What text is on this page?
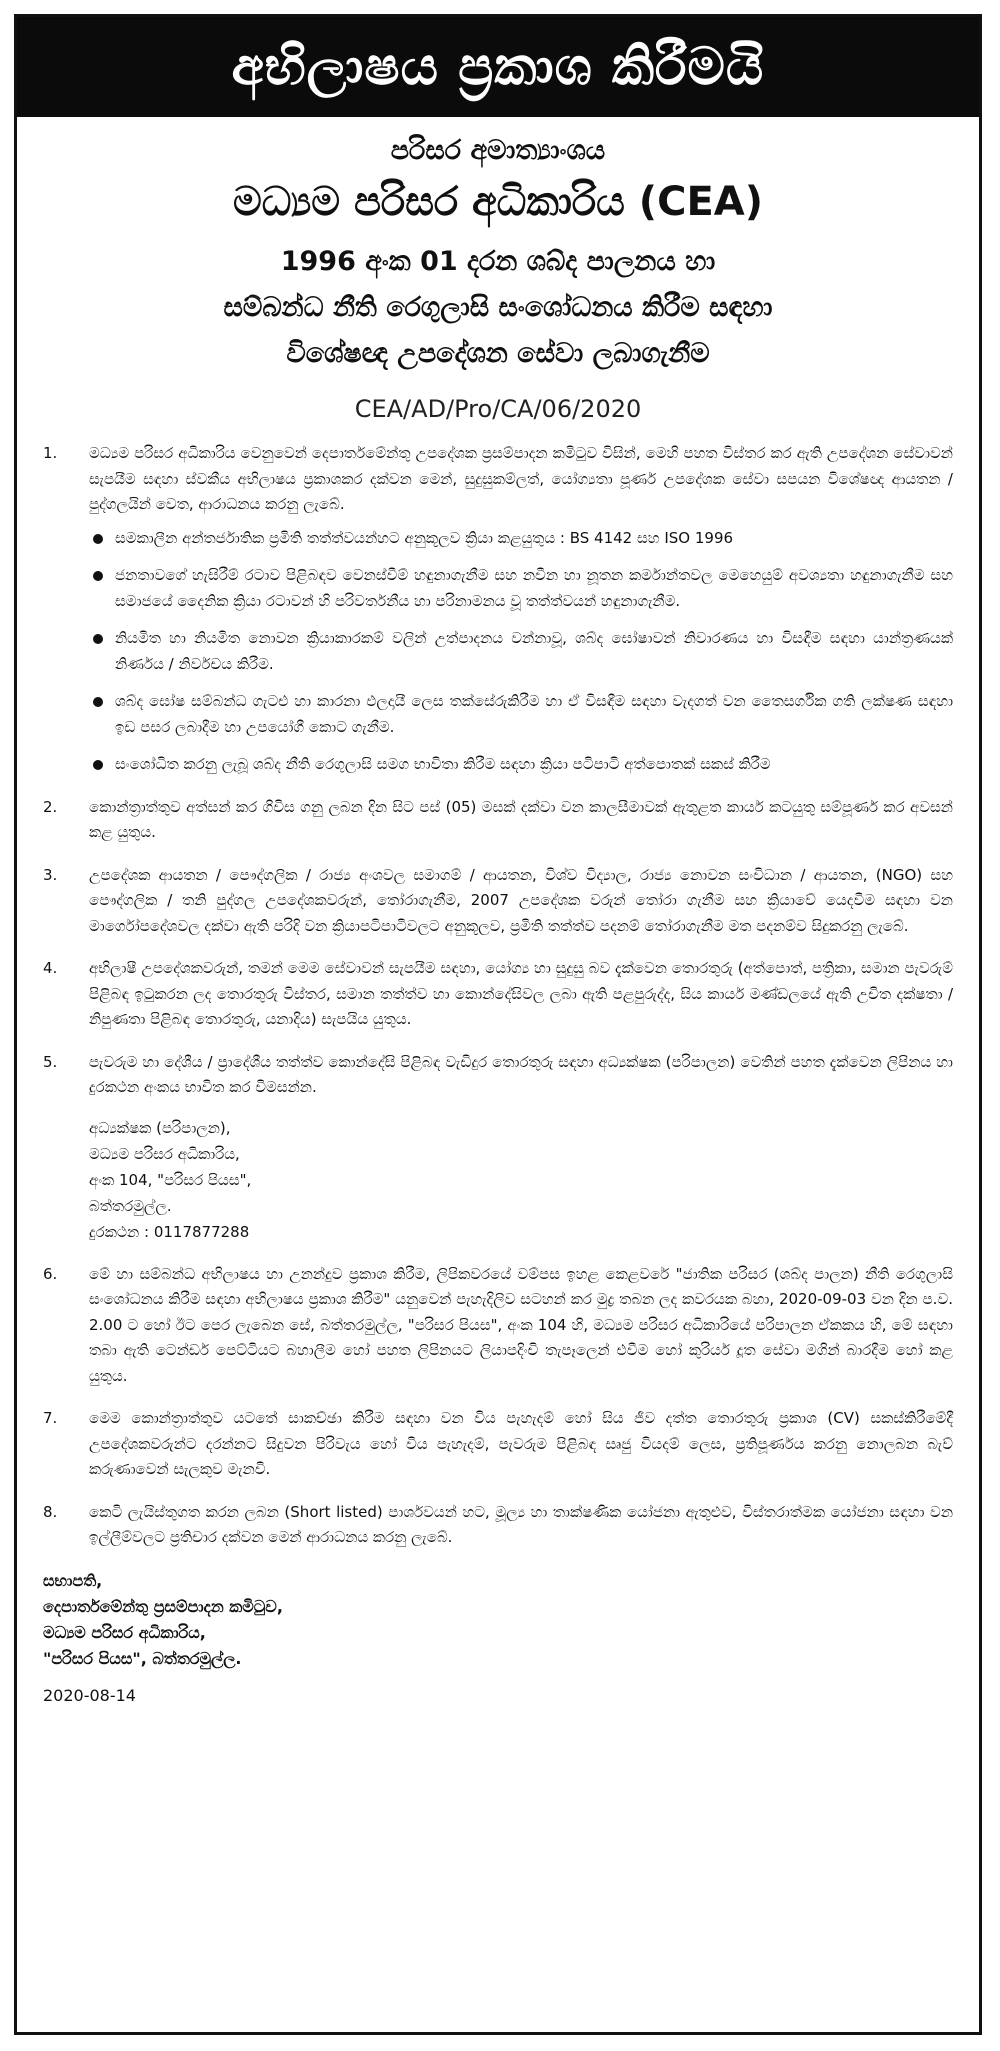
අභිලාෂය ප්‍රකාශ කිරීමයි
පරිසර අමාත්‍යාංශය
මධ්‍යම පරිසර අධිකාරිය (CEA)
1996 අංක 01 දරන ශබ්ද පාලනය හා
සම්බන්ධ නීති රෙගුලාසි සංශෝධනය කිරීම සඳහා
විශේෂඥ උපදේශන සේවා ලබාගැනීම
CEA/AD/Pro/CA/06/2020
1. මධ්‍යම පරිසර අධිකාරිය වෙනුවෙන් දෙපාර්තමේන්තු උපදේශක ප්‍රසම්පාදන කමිටුව විසින්, මෙහි පහත විස්තර කර ඇති උපදේශන සේවාවන් සැපයීම සඳහා ස්වකීය අභිලාෂය ප්‍රකාශකර දක්වන මෙන්, සුදුසුකම්ලත්, යෝග්‍යතා පූර්ණ උපදේශක සේවා සපයන විශේෂඥ ආයතන / පුද්ගලයින් වෙත, ආරාධනය කරනු ලැබේ.
සමකාලීන අන්තර්ජාතික ප්‍රමිති තත්ත්වයන්හට අනුකූලව ක්‍රියා කළයුතුය : BS 4142 සහ ISO 1996
ජනතාවගේ හැසිරීම් රටාව පිළිබඳව වෙනස්වීම් හඳුනාගැනීම සහ නවීන හා නූතන කර්මාන්තවල මෙහෙයුම් අවශ්‍යතා හඳුනාගැනීම සහ සමාජයේ දෛනික ක්‍රියා රටාවන් හි පරිවර්තනීය හා පරිනාමනය වූ තත්ත්වයන් හඳුනාගැනීම.
නියමිත හා නියමිත නොවන ක්‍රියාකාරකම් වලින් උත්පාදනය වන්නාවූ, ශබ්ද ඝෝෂාවන් නිවාරණය හා විසඳීම සඳහා යාන්ත්‍රණයක් නිර්ණය / නිර්වචය කිරීම.
ශබ්ද ඝෝෂ සම්බන්ධ ගැටළු හා කාරනා ඵලදායී ලෙස තක්සේරුකිරීම හා ඒ විසඳීම සඳහා වැදගත් වන තෛසර්ගික ගති ලක්ෂණ සඳහා ඉඩ පසර ලබාදීම හා උපයෝගී කොට ගැනීම.
සංශෝධිත කරනු ලැබූ ශබ්ද නීති රෙගුලාසි සමග භාවිතා කිරීම සඳහා ක්‍රියා පටිපාටි අත්පොතක් සකස් කිරීම
2. කොන්ත්‍රාත්තුව අත්සන් කර ගිවිස ගනු ලබන දින සිට පස් (05) මසක් දක්වා වන කාලසීමාවක් ඇතුළත කාර්ය කටයුතු සම්පූර්ණ කර අවසන් කළ යුතුය.
3. උපදේශක ආයතන / පෞද්ගලික / රාජ්‍ය අංශවල සමාගම් / ආයතන, විශ්ව විද්‍යාල, රාජ්‍ය නොවන සංවිධාන / ආයතන, (NGO) සහ පෞද්ගලික / තනි පුද්ගල උපදේශකවරුන්, තෝරාගැනීම, 2007 උපදේශක වරුන් තෝරා ගැනීම සහ ක්‍රියාවේ යෙදවීම සඳහා වන මාර්ගෝපදේශවල දක්වා ඇති පරිදි වන ක්‍රියාපටිපාටිවලට අනුකූලව, ප්‍රමිති තත්ත්ව පදනම් තෝරාගැනීම මත පදනම්ව සිදුකරනු ලැබේ.
4. අභිලාෂී උපදේශකවරුන්, තමන් මෙම සේවාවන් සැපයීම සඳහා, යෝග්‍ය හා සුදුසු බව දැක්වෙන තොරතුරු (අත්පොත්, පත්‍රිකා, සමාන පැවරුම් පිළිබඳ ඉටුකරන ලද තොරතුරු විස්තර, සමාන තත්ත්ව හා කොන්දේසිවල ලබා ඇති පළපුරුද්ද, සිය කාර්ය මණ්ඩලයේ ඇති උචිත දක්ෂතා / නිපුණතා පිළිබඳ තොරතුරු, යනාදිය) සැපයිය යුතුය.
5. පැවරුම හා දේශීය / ප්‍රාදේශීය තත්ත්ව කොන්දේසි පිළිබඳ වැඩිදුර තොරතුරු සඳහා අධ්‍යක්ෂක (පරිපාලන) වෙතින් පහත දැක්වෙන ලිපිනය හා දුරකථන අංකය භාවිත කර විමසන්න.
අධ්‍යක්ෂක (පරිපාලන),
මධ්‍යම පරිසර අධිකාරිය,
අංක 104, "පරිසර පියස",
බත්තරමුල්ල.
දුරකථන : 0117877288
6. මේ හා සම්බන්ධ අභිලාෂය හා උනන්දුව ප්‍රකාශ කිරීම, ලිපිකවරයේ වම්පස ඉහළ කෙළවරේ "ජාතික පරිසර (ශබ්ද පාලන) නීති රෙගුලාසි සංශෝධනය කිරීම සඳහා අභිලාෂය ප්‍රකාශ කිරීම" යනුවෙන් පැහැදිලිව සටහන් කර මුද්‍ර තබන ලද කවරයක බහා, 2020-09-03 වන දින ප.ව. 2.00 ට හෝ ඊට පෙර ලැබෙන සේ, බත්තරමුල්ල, "පරිසර පියස", අංක 104 හි, මධ්‍යම පරිසර අධිකාරියේ පරිපාලන ඒකකය හි, මේ සඳහා තබා ඇති ටෙන්ඩර් පෙට්ටියට බහාලීම හෝ පහත ලිපිනයට ලියාපදිංචි තැපෑලෙන් එවීම හෝ කුරියර් දූත සේවා මගින් බාරදීම හෝ කළ යුතුය.
7. මෙම කොන්ත්‍රාත්තුව යටතේ සාකච්ඡා කිරීම සඳහා වන විය පැහැදම් හෝ සිය ජීව දත්ත තොරතුරු ප්‍රකාශ (CV) සකස්කිරීමේදී උපදේශකවරුන්ට දරන්නට සිදුවන පිරිවැය හෝ විය පැහැදම්, පැවරුම පිළිබඳ සෘජු වියදම් ලෙස, ප්‍රතිපූර්ණය කරනු නොලබන බැව් කරුණාවෙන් සැලකුව මැනවි.
8. කෙටි ලැයිස්තුගත කරන ලබන (Short listed) පාර්ශවයන් හට, මූල්‍ය හා තාක්ෂණික යෝජනා ඇතුළුව, විස්තරාත්මක යෝජනා සඳහා වන ඉල්ලීම්වලට ප්‍රතිචාර දක්වන මෙන් ආරාධනය කරනු ලැබේ.
සභාපති,
දෙපාර්තමේන්තු ප්‍රසම්පාදන කමිටුව,
මධ්‍යම පරිසර අධිකාරිය,
"පරිසර පියස", බත්තරමුල්ල.
2020-08-14
